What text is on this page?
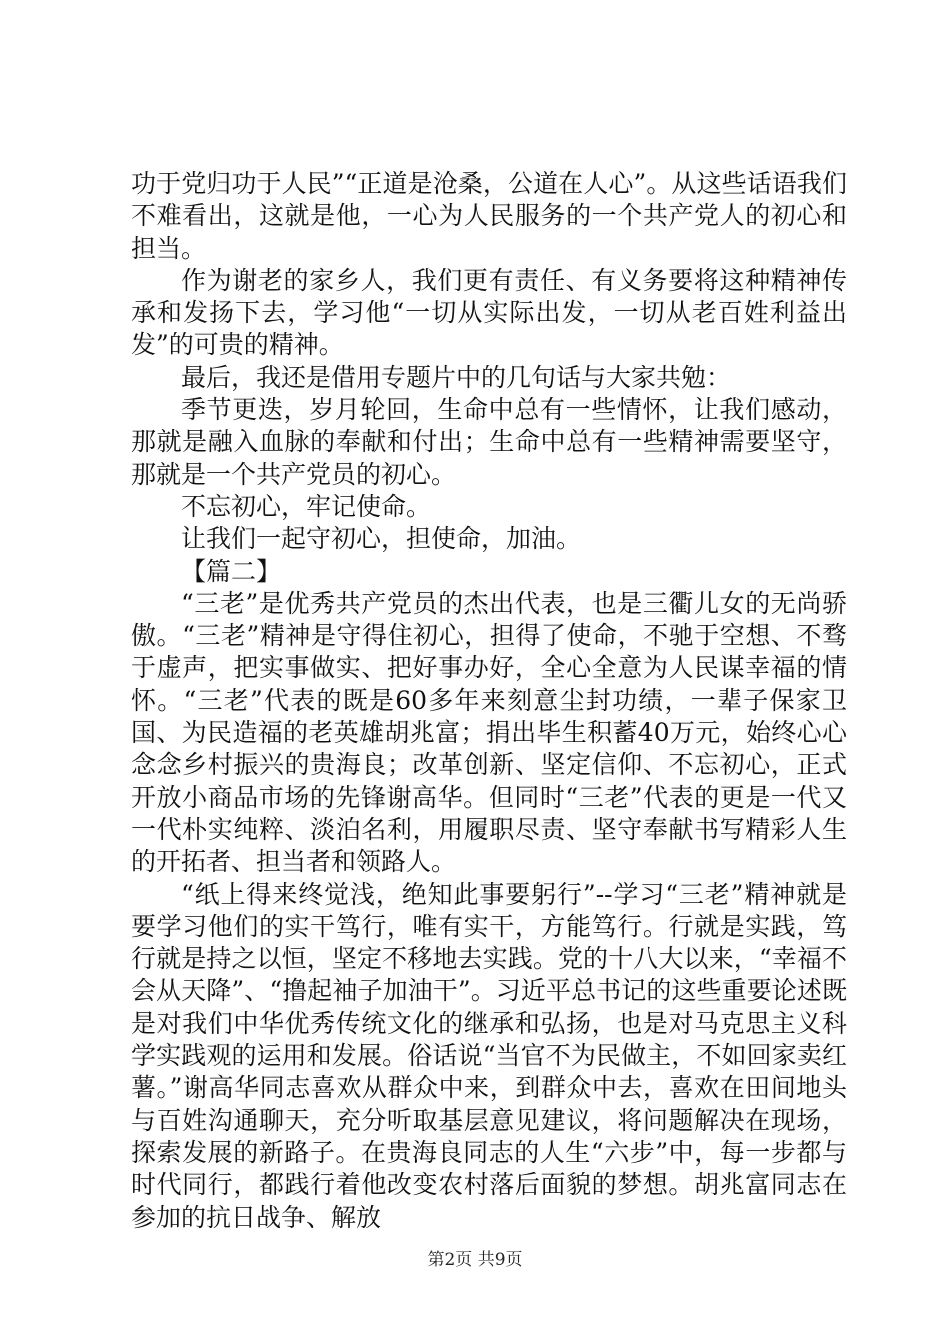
功于党归功于人民”“正道是沧桑，公道在人心”。从这些话语我们不难看出，这就是他，一心为人民服务的一个共产党人的初心和担当。

作为谢老的家乡人，我们更有责任、有义务要将这种精神传承和发扬下去，学习他“一切从实际出发，一切从老百姓利益出发”的可贵的精神。

最后，我还是借用专题片中的几句话与大家共勉：

季节更迭，岁月轮回，生命中总有一些情怀，让我们感动，那就是融入血脉的奉献和付出；生命中总有一些精神需要坚守，那就是一个共产党员的初心。

不忘初心，牢记使命。

让我们一起守初心，担使命，加油。

【篇二】

“三老”是优秀共产党员的杰出代表，也是三衢儿女的无尚骄傲。“三老”精神是守得住初心，担得了使命，不驰于空想、不骛于虚声，把实事做实、把好事办好，全心全意为人民谋幸福的情怀。“三老”代表的既是60多年来刻意尘封功绩，一辈子保家卫国、为民造福的老英雄胡兆富；捐出毕生积蓄40万元，始终心心念念乡村振兴的贵海良；改革创新、坚定信仰、不忘初心，正式开放小商品市场的先锋谢高华。但同时“三老”代表的更是一代又一代朴实纯粹、淡泊名利，用履职尽责、坚守奉献书写精彩人生的开拓者、担当者和领路人。

“纸上得来终觉浅，绝知此事要躬行”--学习“三老”精神就是要学习他们的实干笃行，唯有实干，方能笃行。行就是实践，笃行就是持之以恒，坚定不移地去实践。党的十八大以来，“幸福不会从天降”、“撸起袖子加油干”。习近平总书记的这些重要论述既是对我们中华优秀传统文化的继承和弘扬，也是对马克思主义科学实践观的运用和发展。俗话说“当官不为民做主，不如回家卖红薯。”谢高华同志喜欢从群众中来，到群众中去，喜欢在田间地头与百姓沟通聊天，充分听取基层意见建议，将问题解决在现场，探索发展的新路子。在贵海良同志的人生“六步”中，每一步都与时代同行，都践行着他改变农村落后面貌的梦想。胡兆富同志在参加的抗日战争、解放

第2页 共9页
